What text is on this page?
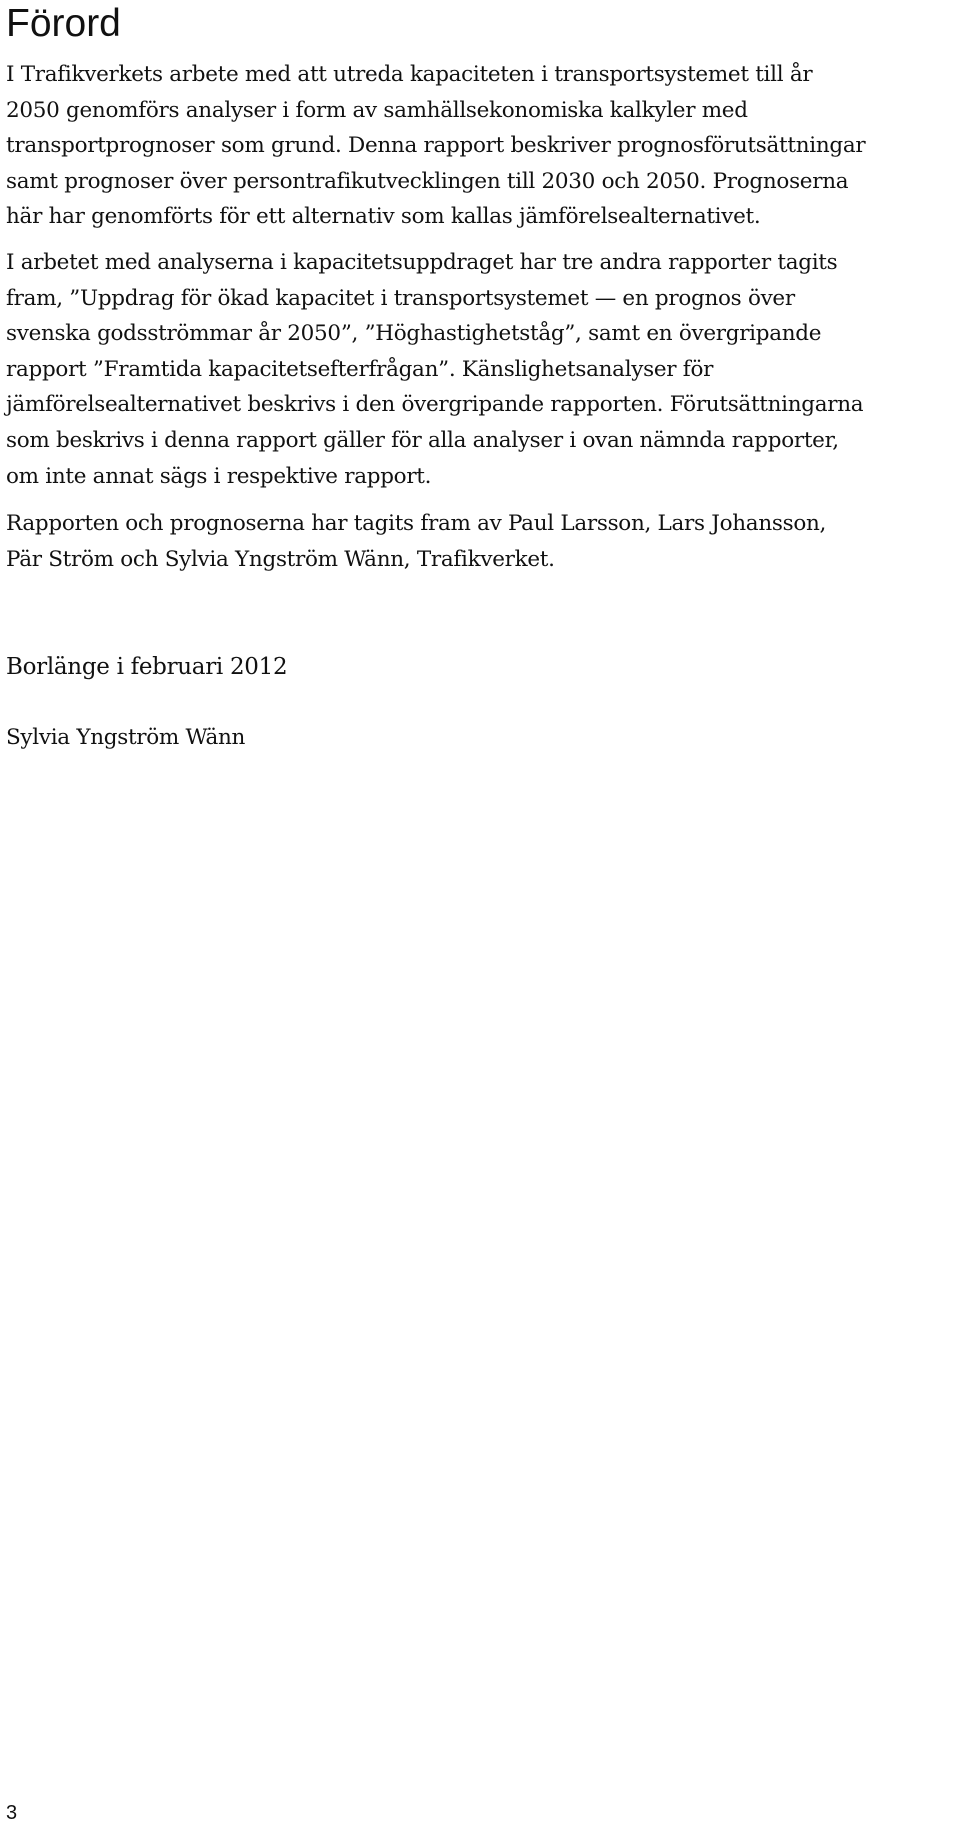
Förord

I Trafikverkets arbete med att utreda kapaciteten i transportsystemet till år
2050 genomförs analyser i form av samhällsekonomiska kalkyler med
transportprognoser som grund. Denna rapport beskriver prognosförutsättningar
samt prognoser över persontrafikutvecklingen till 2030 och 2050. Prognoserna
här har genomförts för ett alternativ som kallas jämförelsealternativet.

I arbetet med analyserna i kapacitetsuppdraget har tre andra rapporter tagits
fram, ”Uppdrag för ökad kapacitet i transportsystemet — en prognos över
svenska godsströmmar år 2050”, ”Höghastighetståg”, samt en övergripande
rapport ”Framtida kapacitetsefterfrågan”. Känslighetsanalyser för
jämförelsealternativet beskrivs i den övergripande rapporten. Förutsättningarna
som beskrivs i denna rapport gäller för alla analyser i ovan nämnda rapporter,
om inte annat sägs i respektive rapport.

Rapporten och prognoserna har tagits fram av Paul Larsson, Lars Johansson,
Pär Ström och Sylvia Yngström Wänn, Trafikverket.

Borlänge i februari 2012

Sylvia Yngström Wänn

3
